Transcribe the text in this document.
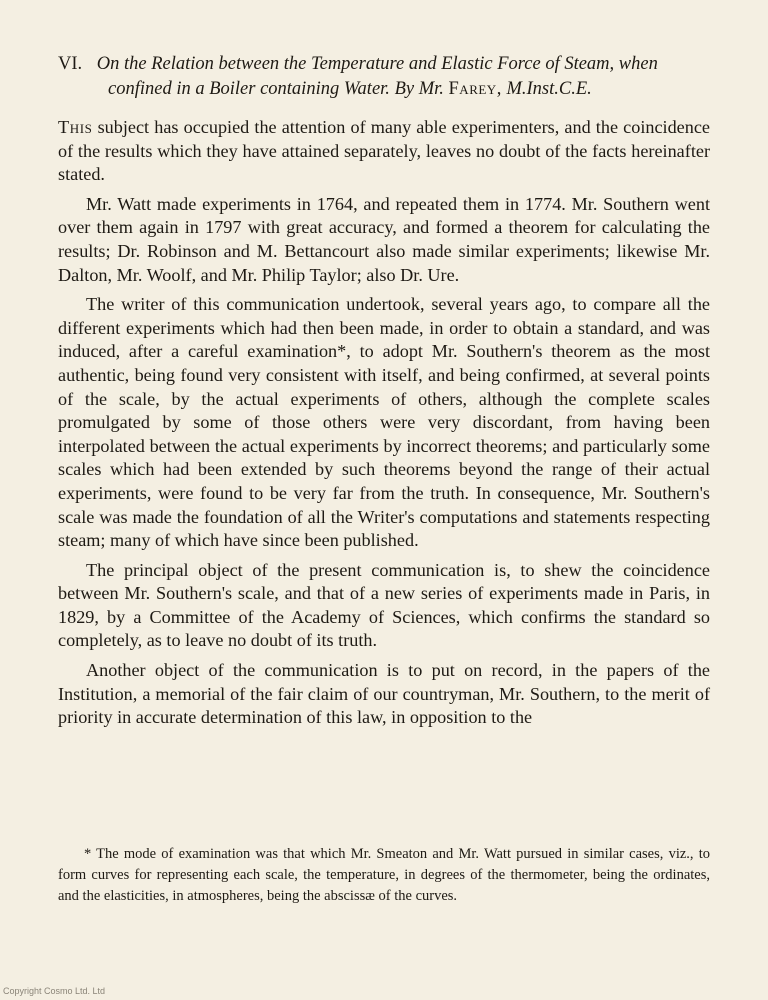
VI. On the Relation between the Temperature and Elastic Force of Steam, when
confined in a Boiler containing Water. By Mr. Farey, M.Inst.C.E.

This subject has occupied the attention of many able experimenters, and the coincidence of the results which they have attained separately, leaves no doubt of the facts hereinafter stated.

Mr. Watt made experiments in 1764, and repeated them in 1774. Mr. Southern went over them again in 1797 with great accuracy, and formed a theorem for calculating the results; Dr. Robinson and M. Bettancourt also made similar experiments; likewise Mr. Dalton, Mr. Woolf, and Mr. Philip Taylor; also Dr. Ure.

The writer of this communication undertook, several years ago, to compare all the different experiments which had then been made, in order to obtain a standard, and was induced, after a careful examination*, to adopt Mr. Southern's theorem as the most authentic, being found very consistent with itself, and being confirmed, at several points of the scale, by the actual experiments of others, although the complete scales promulgated by some of those others were very discordant, from having been interpolated between the actual experiments by incorrect theorems; and particularly some scales which had been extended by such theorems beyond the range of their actual experiments, were found to be very far from the truth. In consequence, Mr. Southern's scale was made the foundation of all the Writer's computations and statements respecting steam; many of which have since been published.

The principal object of the present communication is, to shew the coincidence between Mr. Southern's scale, and that of a new series of experiments made in Paris, in 1829, by a Committee of the Academy of Sciences, which confirms the standard so completely, as to leave no doubt of its truth.

Another object of the communication is to put on record, in the papers of the Institution, a memorial of the fair claim of our countryman, Mr. Southern, to the merit of priority in accurate determination of this law, in opposition to the

* The mode of examination was that which Mr. Smeaton and Mr. Watt pursued in similar cases, viz., to form curves for representing each scale, the temperature, in degrees of the thermometer, being the ordinates, and the elasticities, in atmospheres, being the abscissæ of the curves.

Copyright Cosmo Ltd. Ltd
